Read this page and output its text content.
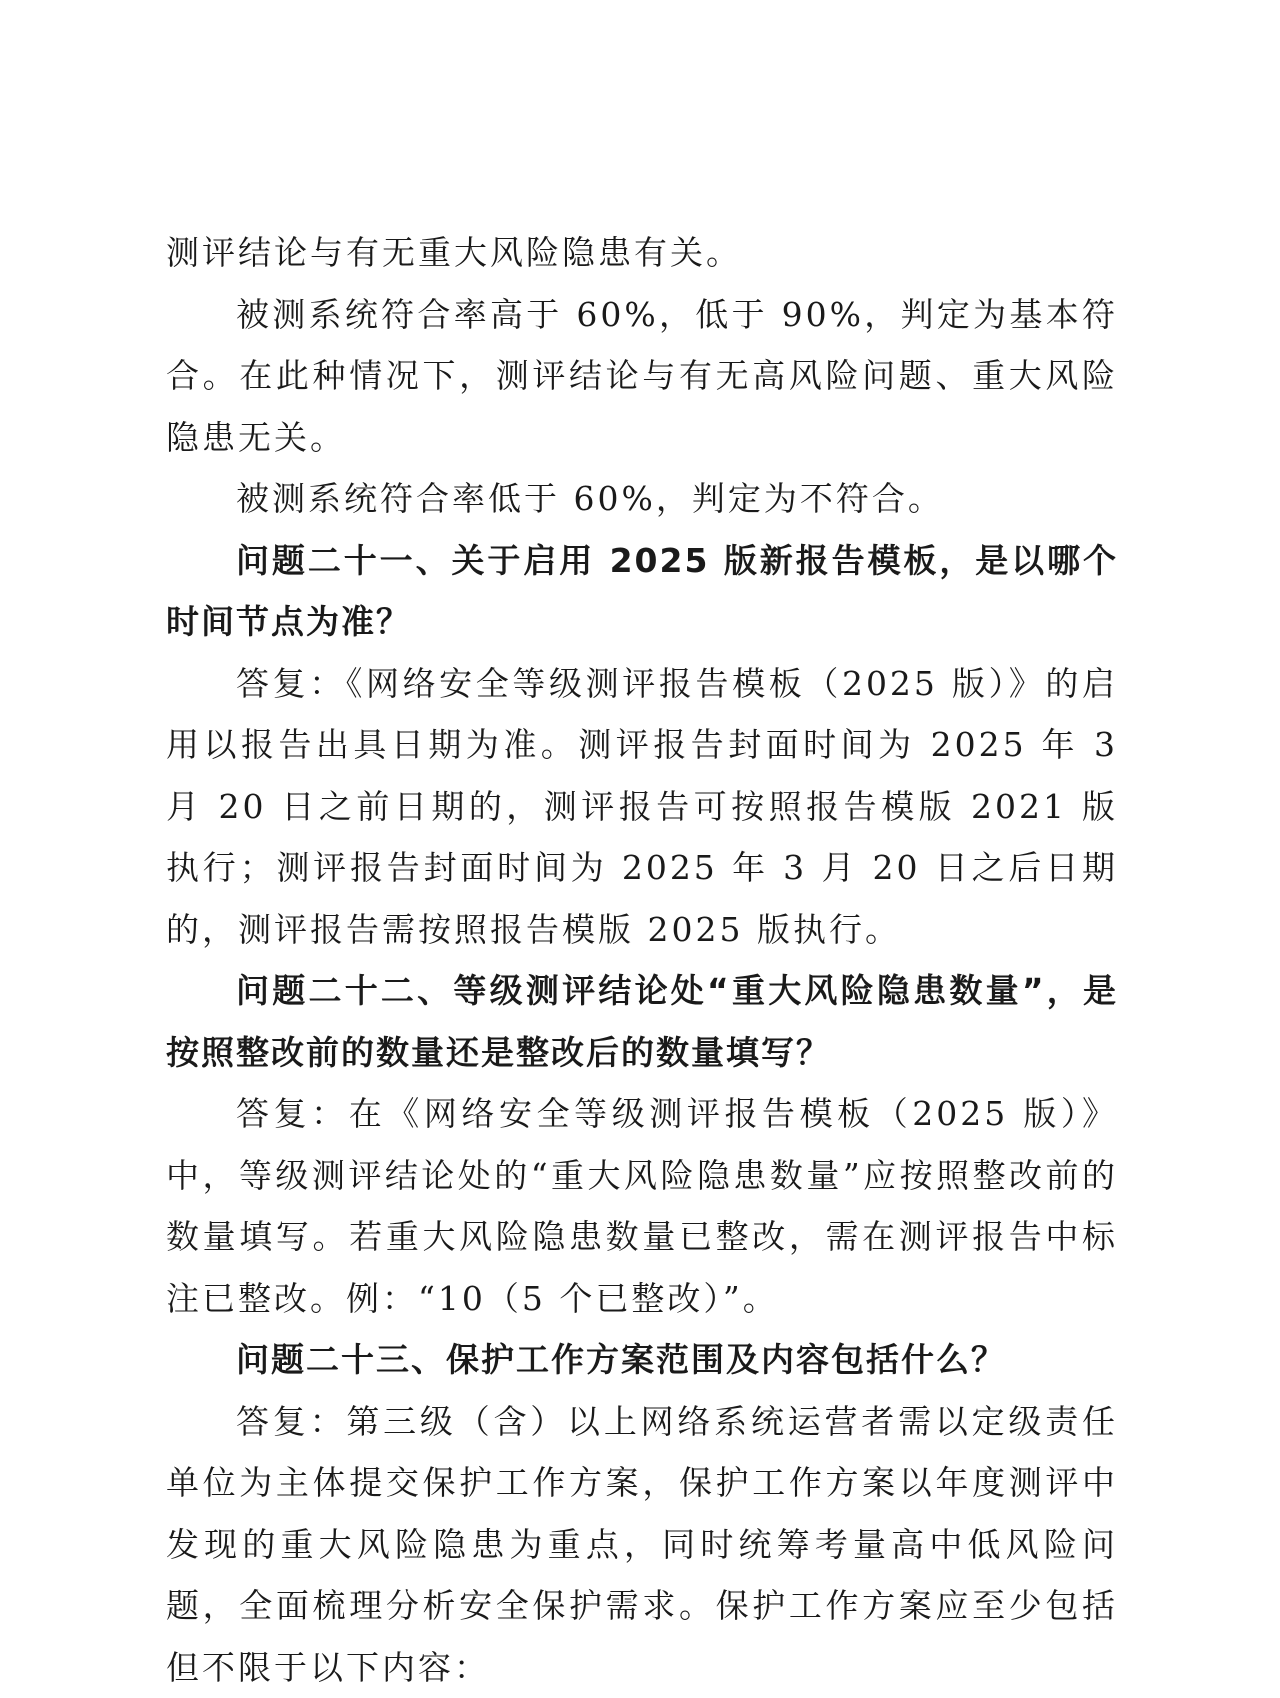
测评结论与有无重大风险隐患有关。

被测系统符合率高于 60%，低于 90%，判定为基本符合。在此种情况下，测评结论与有无高风险问题、重大风险隐患无关。

被测系统符合率低于 60%，判定为不符合。

问题二十一、关于启用 2025 版新报告模板，是以哪个时间节点为准？

答复：《网络安全等级测评报告模板（2025 版）》的启用以报告出具日期为准。测评报告封面时间为 2025 年 3 月 20 日之前日期的，测评报告可按照报告模版 2021 版执行；测评报告封面时间为 2025 年 3 月 20 日之后日期的，测评报告需按照报告模版 2025 版执行。

问题二十二、等级测评结论处“重大风险隐患数量”，是按照整改前的数量还是整改后的数量填写？

答复：在《网络安全等级测评报告模板（2025 版）》中，等级测评结论处的“重大风险隐患数量”应按照整改前的数量填写。若重大风险隐患数量已整改，需在测评报告中标注已整改。例：“10（5 个已整改）”。

问题二十三、保护工作方案范围及内容包括什么？

答复：第三级（含）以上网络系统运营者需以定级责任单位为主体提交保护工作方案，保护工作方案以年度测评中发现的重大风险隐患为重点，同时统筹考量高中低风险问题，全面梳理分析安全保护需求。保护工作方案应至少包括但不限于以下内容：
